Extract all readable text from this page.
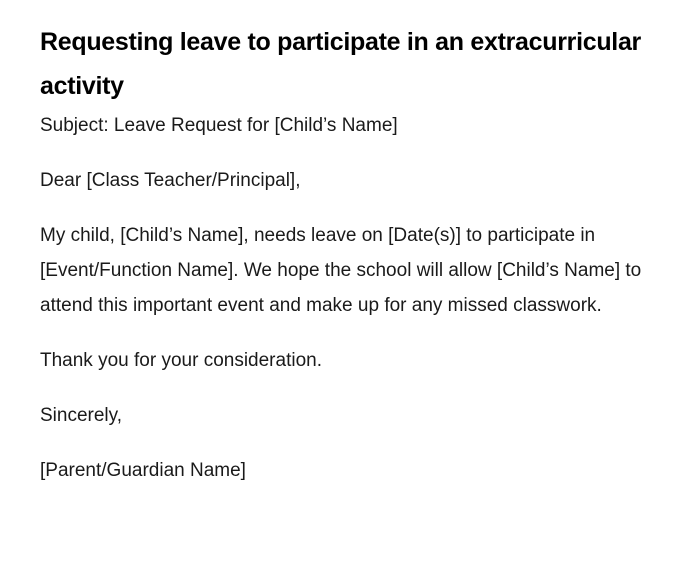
Requesting leave to participate in an extracurricular activity

Subject: Leave Request for [Child’s Name]

Dear [Class Teacher/Principal],

My child, [Child’s Name], needs leave on [Date(s)] to participate in [Event/Function Name]. We hope the school will allow [Child’s Name] to attend this important event and make up for any missed classwork.

Thank you for your consideration.

Sincerely,

[Parent/Guardian Name]
